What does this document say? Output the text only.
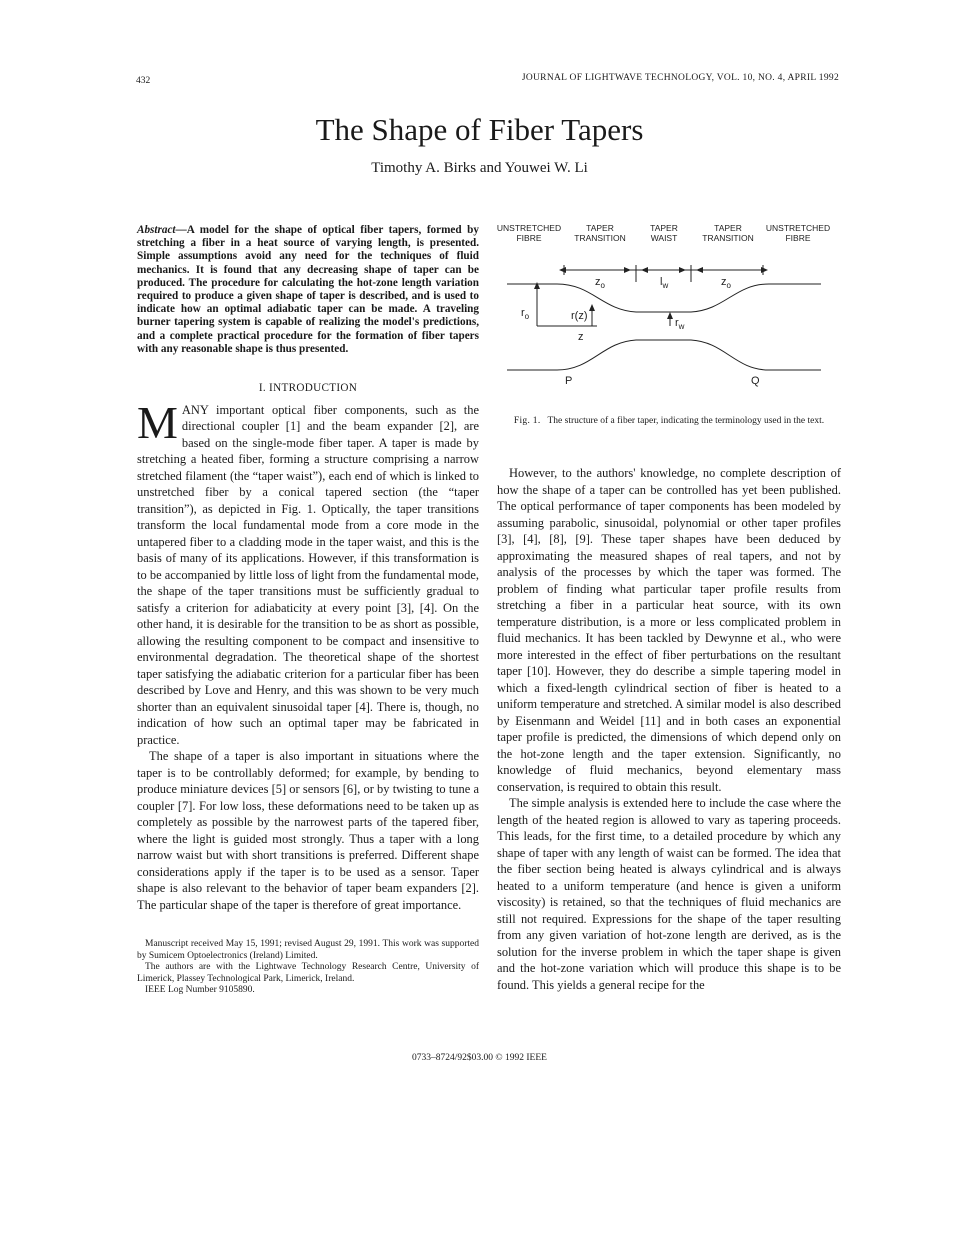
432	JOURNAL OF LIGHTWAVE TECHNOLOGY, VOL. 10, NO. 4, APRIL 1992
The Shape of Fiber Tapers
Timothy A. Birks and Youwei W. Li

Abstract—A model for the shape of optical fiber tapers, formed by stretching a fiber in a heat source of varying length, is presented. Simple assumptions avoid any need for the techniques of fluid mechanics. It is found that any decreasing shape of taper can be produced. The procedure for calculating the hot-zone length variation required to produce a given shape of taper is described, and is used to indicate how an optimal adiabatic taper can be made. A traveling burner tapering system is capable of realizing the model's predictions, and a complete practical procedure for the formation of fiber tapers with any reasonable shape is thus presented.

I. INTRODUCTION

MANY important optical fiber components, such as the directional coupler [1] and the beam expander [2], are based on the single-mode fiber taper. A taper is made by stretching a heated fiber, forming a structure comprising a narrow stretched filament (the “taper waist”), each end of which is linked to unstretched fiber by a conical tapered section (the “taper transition”), as depicted in Fig. 1. Optically, the taper transitions transform the local fundamental mode from a core mode in the untapered fiber to a cladding mode in the taper waist, and this is the basis of many of its applications. However, if this transformation is to be accompanied by little loss of light from the fundamental mode, the shape of the taper transitions must be sufficiently gradual to satisfy a criterion for adiabaticity at every point [3], [4]. On the other hand, it is desirable for the transition to be as short as possible, allowing the resulting component to be compact and insensitive to environmental degradation. The theoretical shape of the shortest taper satisfying the adiabatic criterion for a particular fiber has been described by Love and Henry, and this was shown to be very much shorter than an equivalent sinusoidal taper [4]. There is, though, no indication of how such an optimal taper may be fabricated in practice.

The shape of a taper is also important in situations where the taper is to be controllably deformed; for example, by bending to produce miniature devices [5] or sensors [6], or by twisting to tune a coupler [7]. For low loss, these deformations need to be taken up as completely as possible by the narrowest parts of the tapered fiber, where the light is guided most strongly. Thus a taper with a long narrow waist but with short transitions is preferred. Different shape considerations apply if the taper is to be used as a sensor. Taper shape is also relevant to the behavior of taper beam expanders [2]. The particular shape of the taper is therefore of great importance.

Manuscript received May 15, 1991; revised August 29, 1991. This work was supported by Sumicem Optoelectronics (Ireland) Limited.

The authors are with the Lightwave Technology Research Centre, University of Limerick, Plassey Technological Park, Limerick, Ireland.

IEEE Log Number 9105890.

UNSTRETCHED
FIBRE
TAPER
TRANSITION
TAPER
WAIST
TAPER
TRANSITION
UNSTRETCHED
FIBRE
$z_o$	$l_w$	$z_o$
$r_o$	r(z)
$r_w$
z
P	Q
Fig. 1. The structure of a fiber taper, indicating the terminology used in the text.

However, to the authors' knowledge, no complete description of how the shape of a taper can be controlled has yet been published. The optical performance of taper components has been modeled by assuming parabolic, sinusoidal, polynomial or other taper profiles [3], [4], [8], [9]. These taper shapes have been deduced by approximating the measured shapes of real tapers, and not by analysis of the processes by which the taper was formed. The problem of finding what particular taper profile results from stretching a fiber in a particular heat source, with its own temperature distribution, is a more or less complicated problem in fluid mechanics. It has been tackled by Dewynne et al., who were more interested in the effect of fiber perturbations on the resultant taper [10]. However, they do describe a simple tapering model in which a fixed-length cylindrical section of fiber is heated to a uniform temperature and stretched. A similar model is also described by Eisenmann and Weidel [11] and in both cases an exponential taper profile is predicted, the dimensions of which depend only on the hot-zone length and the taper extension. Significantly, no knowledge of fluid mechanics, beyond elementary mass conservation, is required to obtain this result.

The simple analysis is extended here to include the case where the length of the heated region is allowed to vary as tapering proceeds. This leads, for the first time, to a detailed procedure by which any shape of taper with any length of waist can be formed. The idea that the fiber section being heated is always cylindrical and is always heated to a uniform temperature (and hence is given a uniform viscosity) is retained, so that the techniques of fluid mechanics are still not required. Expressions for the shape of the taper resulting from any given variation of hot-zone length are derived, as is the solution for the inverse problem in which the taper shape is given and the hot-zone variation which will produce this shape is to be found. This yields a general recipe for the

0733–8724/92$03.00 © 1992 IEEE
